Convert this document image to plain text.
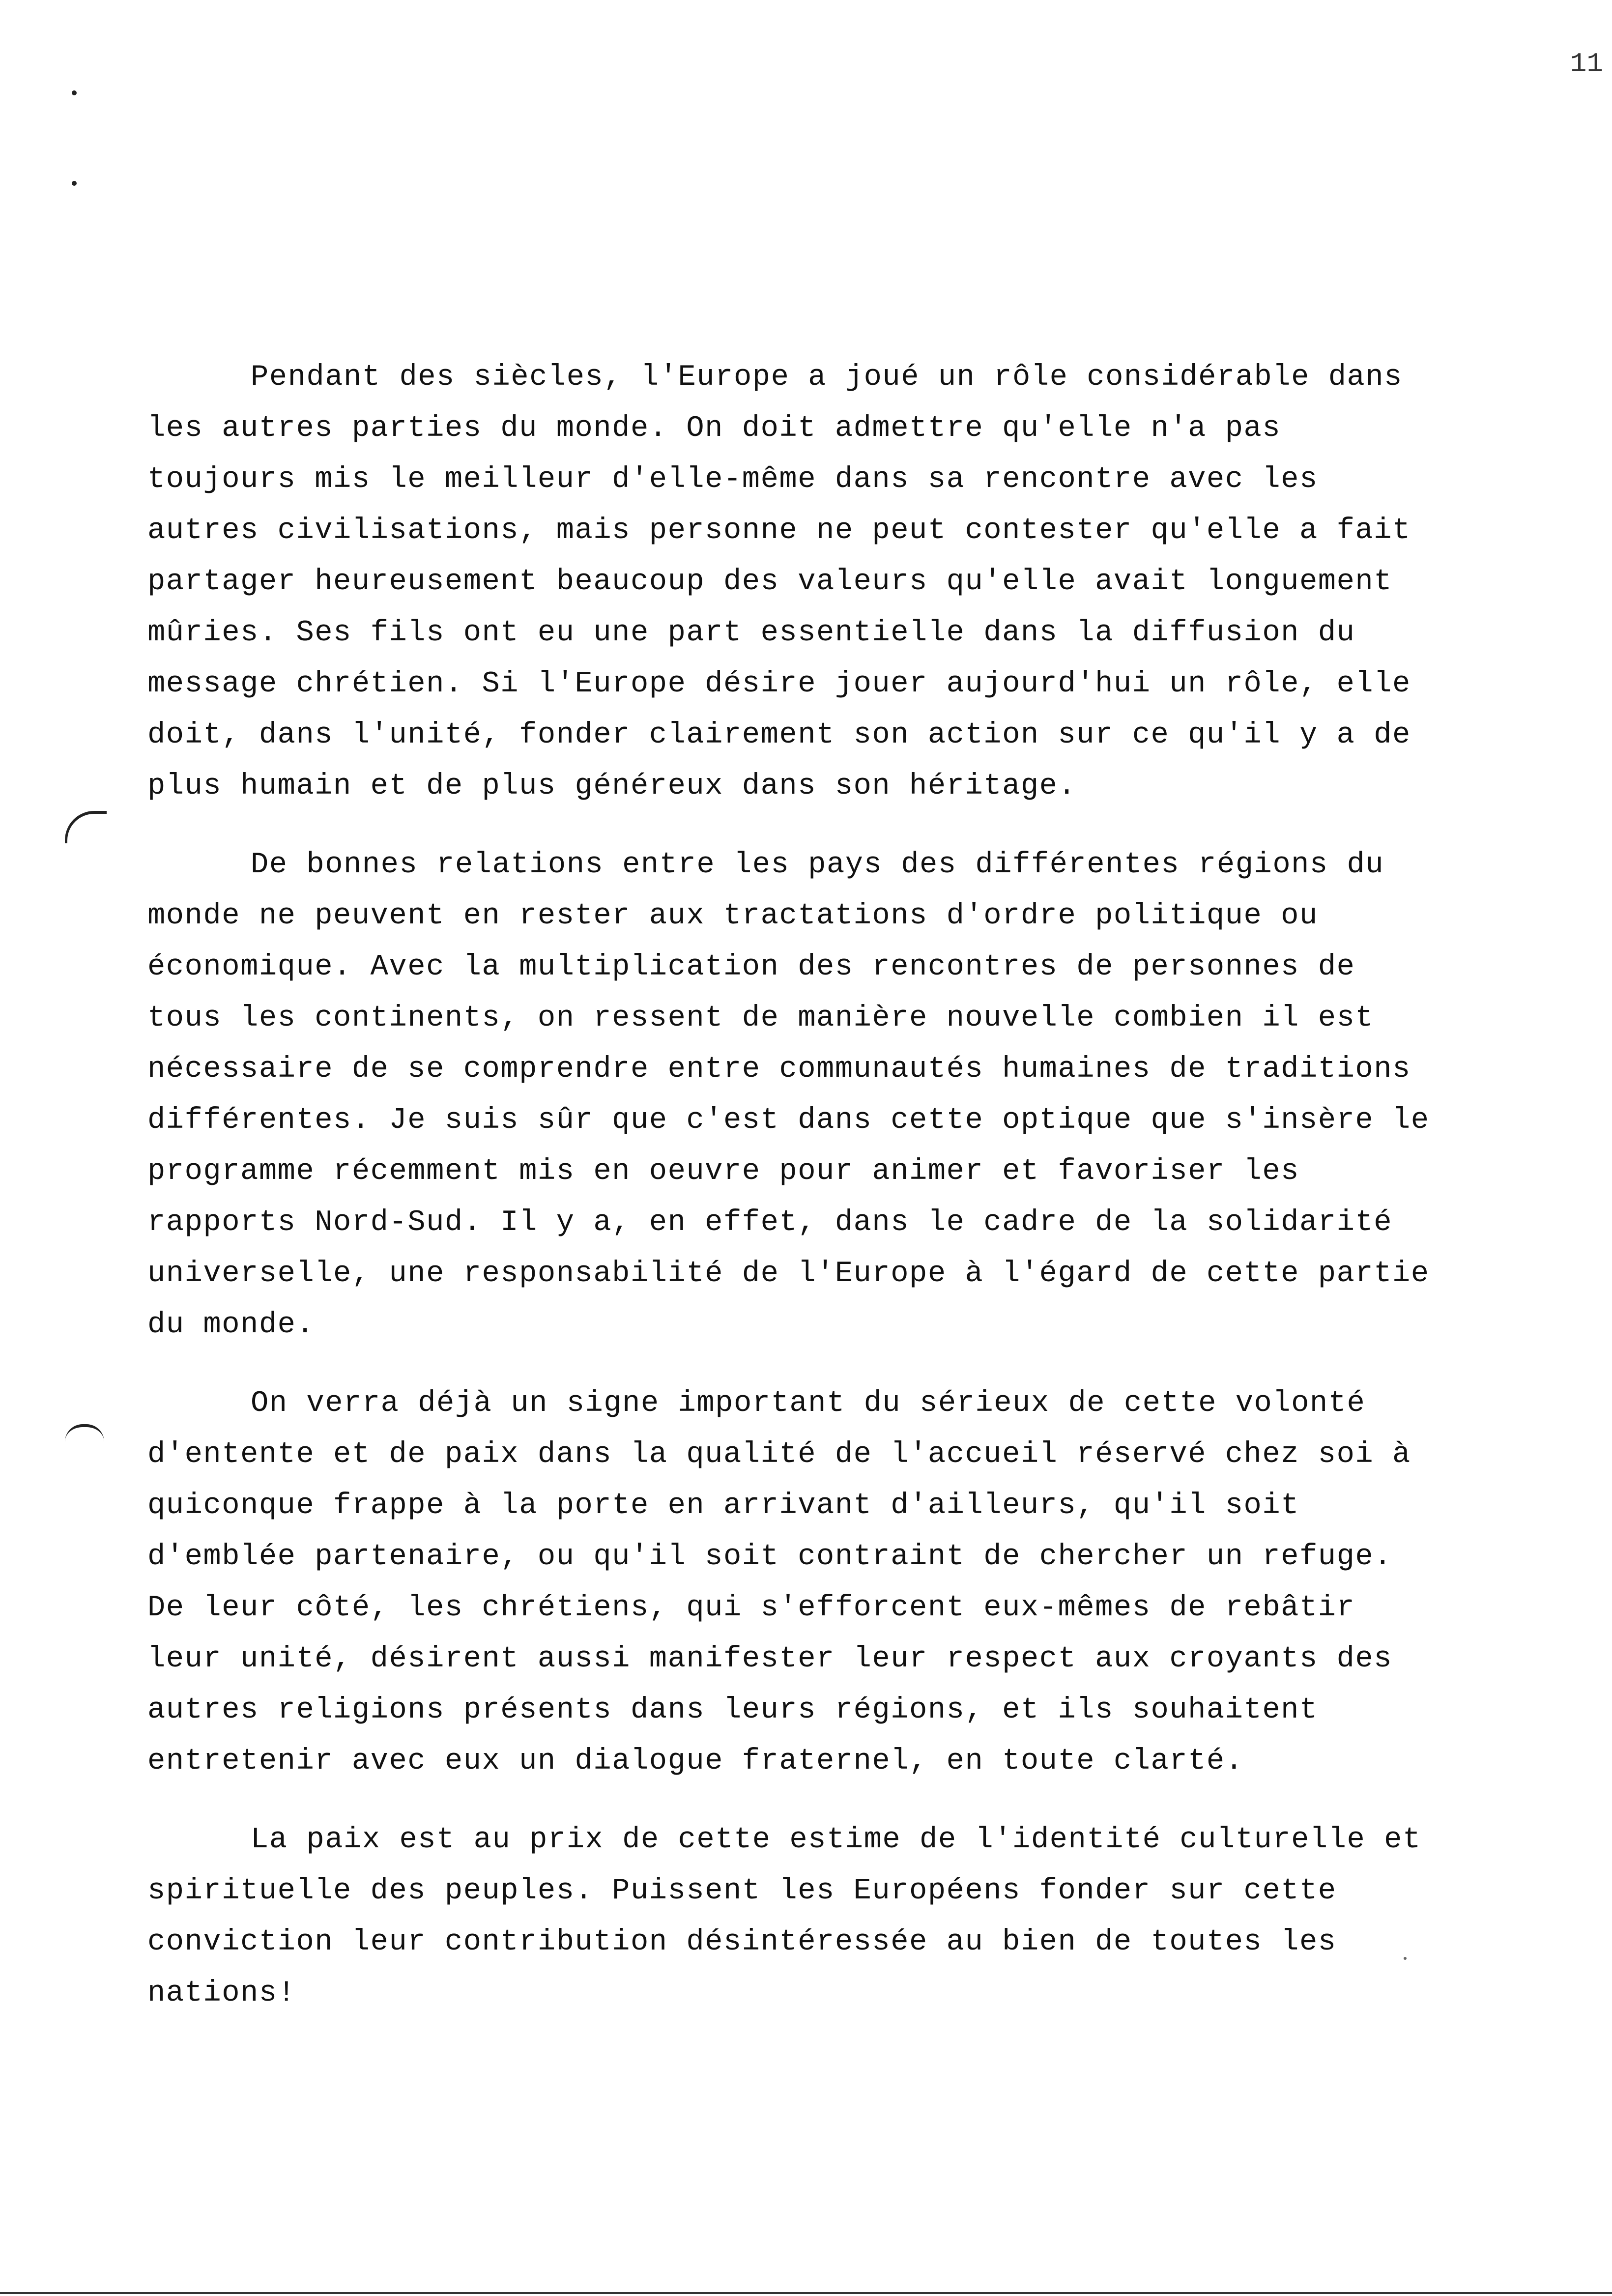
11

Pendant des siècles, l'Europe a joué un rôle considérable dans les autres parties du monde. On doit admettre qu'elle n'a pas toujours mis le meilleur d'elle-même dans sa rencontre avec les autres civilisations, mais personne ne peut contester qu'elle a fait partager heureusement beaucoup des valeurs qu'elle avait longuement mûries. Ses fils ont eu une part essentielle dans la diffusion du message chrétien. Si l'Europe désire jouer aujourd'hui un rôle, elle doit, dans l'unité, fonder clairement son action sur ce qu'il y a de plus humain et de plus généreux dans son héritage.

De bonnes relations entre les pays des différentes régions du monde ne peuvent en rester aux tractations d'ordre politique ou économique. Avec la multiplication des rencontres de personnes de tous les continents, on ressent de manière nouvelle combien il est nécessaire de se comprendre entre communautés humaines de traditions différentes. Je suis sûr que c'est dans cette optique que s'insère le programme récemment mis en oeuvre pour animer et favoriser les rapports Nord-Sud. Il y a, en effet, dans le cadre de la solidarité universelle, une responsabilité de l'Europe à l'égard de cette partie du monde.

On verra déjà un signe important du sérieux de cette volonté d'entente et de paix dans la qualité de l'accueil réservé chez soi à quiconque frappe à la porte en arrivant d'ailleurs, qu'il soit d'emblée partenaire, ou qu'il soit contraint de chercher un refuge. De leur côté, les chrétiens, qui s'efforcent eux-mêmes de rebâtir leur unité, désirent aussi manifester leur respect aux croyants des autres religions présents dans leurs régions, et ils souhaitent entretenir avec eux un dialogue fraternel, en toute clarté.

La paix est au prix de cette estime de l'identité culturelle et spirituelle des peuples. Puissent les Européens fonder sur cette conviction leur contribution désintéressée au bien de toutes les nations!
